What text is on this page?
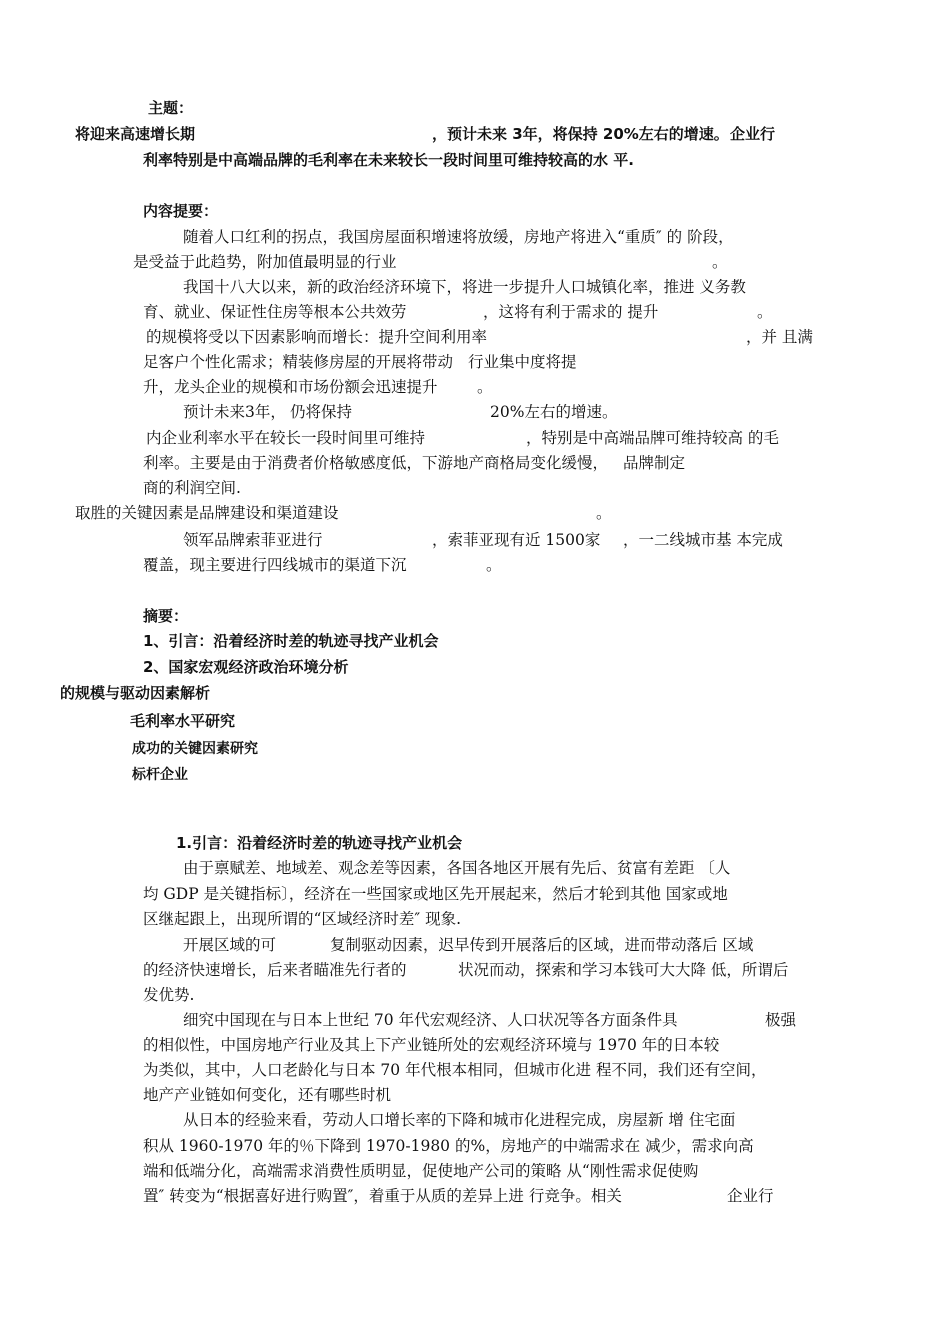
主题：
将迎来高速增长期	，预计未来 3年，将保持 20%左右的增速。 企业行
利率特别是中高端品牌的毛利率在未来较长一段时间里可维持较高的水 平.
内容提要：
随着人口红利的拐点，我国房屋面积增速将放缓，房地产将进入“重质″ 的 阶段，
是受益于此趋势，附加值最明显的行业	。
我国十八大以来，新的政治经济环境下，将进一步提升人口城镇化率，推进 义务教
育、就业、保证性住房等根本公共效劳	，这将有利于需求的 提升	。
的规模将受以下因素影响而增长：提升空间利用率	，并 且满
足客户个性化需求；精装修房屋的开展将带动 行业集中度将提
升，龙头企业的规模和市场份额会迅速提升	。
预计未来3年， 仍将保持	20%左右的增速。
内企业利率水平在较长一段时间里可维持	，特别是中高端品牌可维持较高 的毛
利率。主要是由于消费者价格敏感度低，下游地产商格局变化缓慢， 品牌制定
商的利润空间.
取胜的关键因素是品牌建设和渠道建设	。
领军品牌索菲亚进行	，索菲亚现有近 1500家 ，一二线城市基 本完成
覆盖，现主要进行四线城市的渠道下沉	。
摘要：
1、引言：沿着经济时差的轨迹寻找产业机会
2、国家宏观经济政治环境分析
的规模与驱动因素解析
毛利率水平研究
成功的关键因素研究
标杆企业
1.引言：沿着经济时差的轨迹寻找产业机会
由于禀赋差、地域差、观念差等因素，各国各地区开展有先后、贫富有差距 〔人
均 GDP 是关键指标〕，经济在一些国家或地区先开展起来，然后才轮到其他 国家或地
区继起跟上，出现所谓的“区域经济时差″ 现象.
开展区域的可	复制驱动因素，迟早传到开展落后的区域，进而带动落后 区域
的经济快速增长，后来者瞄准先行者的	状况而动，探索和学习本钱可大大降 低，所谓后
发优势.
细究中国现在与日本上世纪 70 年代宏观经济、人口状况等各方面条件具	极强
的相似性，中国房地产行业及其上下产业链所处的宏观经济环境与 1970 年的日本较
为类似，其中，人口老龄化与日本 70 年代根本相同，但城市化进 程不同，我们还有空间，
地产产业链如何变化，还有哪些时机
从日本的经验来看，劳动人口增长率的下降和城市化进程完成，房屋新 增 住宅面
积从 1960-1970 年的％下降到 1970-1980 的%，房地产的中端需求在 减少，需求向高
端和低端分化，高端需求消费性质明显，促使地产公司的策略 从“刚性需求促使购
置″ 转变为“根据喜好进行购置″，着重于从质的差异上进 行竞争。相关	企业行
